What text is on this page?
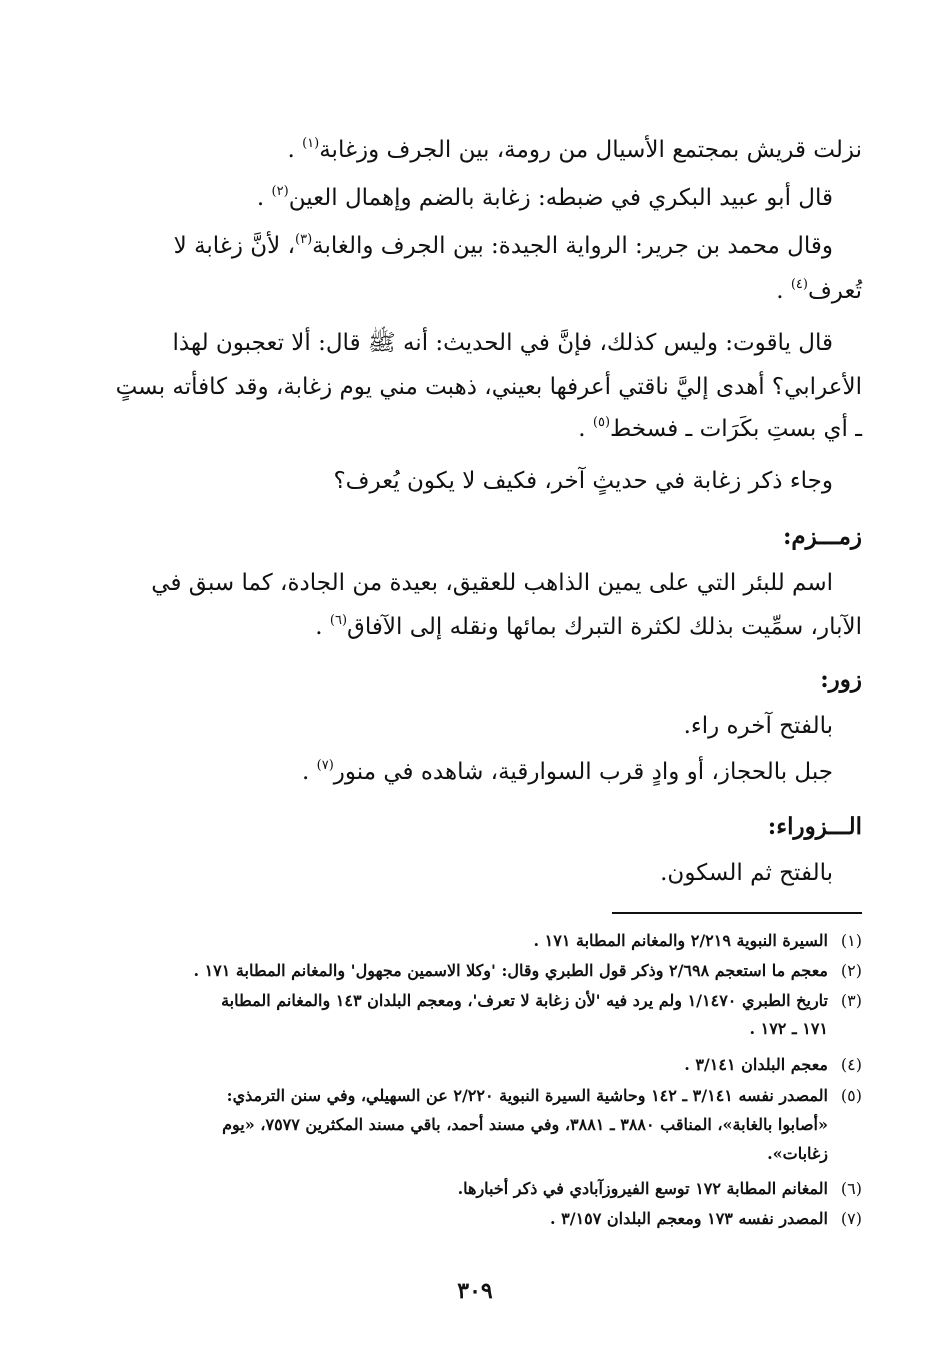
نزلت قريش بمجتمع الأسيال من رومة، بين الجرف وزغابة$^{(١)}$ .
قال أبو عبيد البكري في ضبطه: زغابة بالضم وإهمال العين$^{(٢)}$ .
وقال محمد بن جرير: الرواية الجيدة: بين الجرف والغابة$^{(٣)}$، لأنَّ زغابة لا
تُعرف$^{(٤)}$ .
قال ياقوت: وليس كذلك، فإنَّ في الحديث: أنه ﷺ قال: ألا تعجبون لهذا
الأعرابي؟ أهدى إليَّ ناقتي أعرفها بعيني، ذهبت مني يوم زغابة، وقد كافأته بستٍ
ـ أي بستِ بكَرَات ـ فسخط$^{(٥)}$ .
وجاء ذكر زغابة في حديثٍ آخر، فكيف لا يكون يُعرف؟
زمـــزم:
اسم للبئر التي على يمين الذاهب للعقيق، بعيدة من الجادة، كما سبق في
الآبار، سمِّيت بذلك لكثرة التبرك بمائها ونقله إلى الآفاق$^{(٦)}$ .
زور:
بالفتح آخره راء.
جبل بالحجاز، أو وادٍ قرب السوارقية، شاهده في منور$^{(٧)}$ .
الـــزوراء:
بالفتح ثم السكون.
(١)السيرة النبوية ٢/٢١٩ والمغانم المطابة ١٧١ .
(٢)معجم ما استعجم ٢/٦٩٨ وذكر قول الطبري وقال: 'وكلا الاسمين مجهول' والمغانم المطابة ١٧١ .
(٣)تاريخ الطبري ١/١٤٧٠ ولم يرد فيه 'لأن زغابة لا تعرف'، ومعجم البلدان ١٤٣ والمغانم المطابة
١٧١ ـ ١٧٢ .
(٤)معجم البلدان ٣/١٤١ .
(٥)المصدر نفسه ٣/١٤١ ـ ١٤٢ وحاشية السيرة النبوية ٢/٢٢٠ عن السهيلي، وفي سنن الترمذي:
«أصابوا بالغابة»، المناقب ٣٨٨٠ ـ ٣٨٨١، وفي مسند أحمد، باقي مسند المكثرين ٧٥٧٧، «يوم
زغابات».
(٦)المغانم المطابة ١٧٢ توسع الفيروزآبادي في ذكر أخبارها.
(٧)المصدر نفسه ١٧٣ ومعجم البلدان ٣/١٥٧ .
٣٠٩
